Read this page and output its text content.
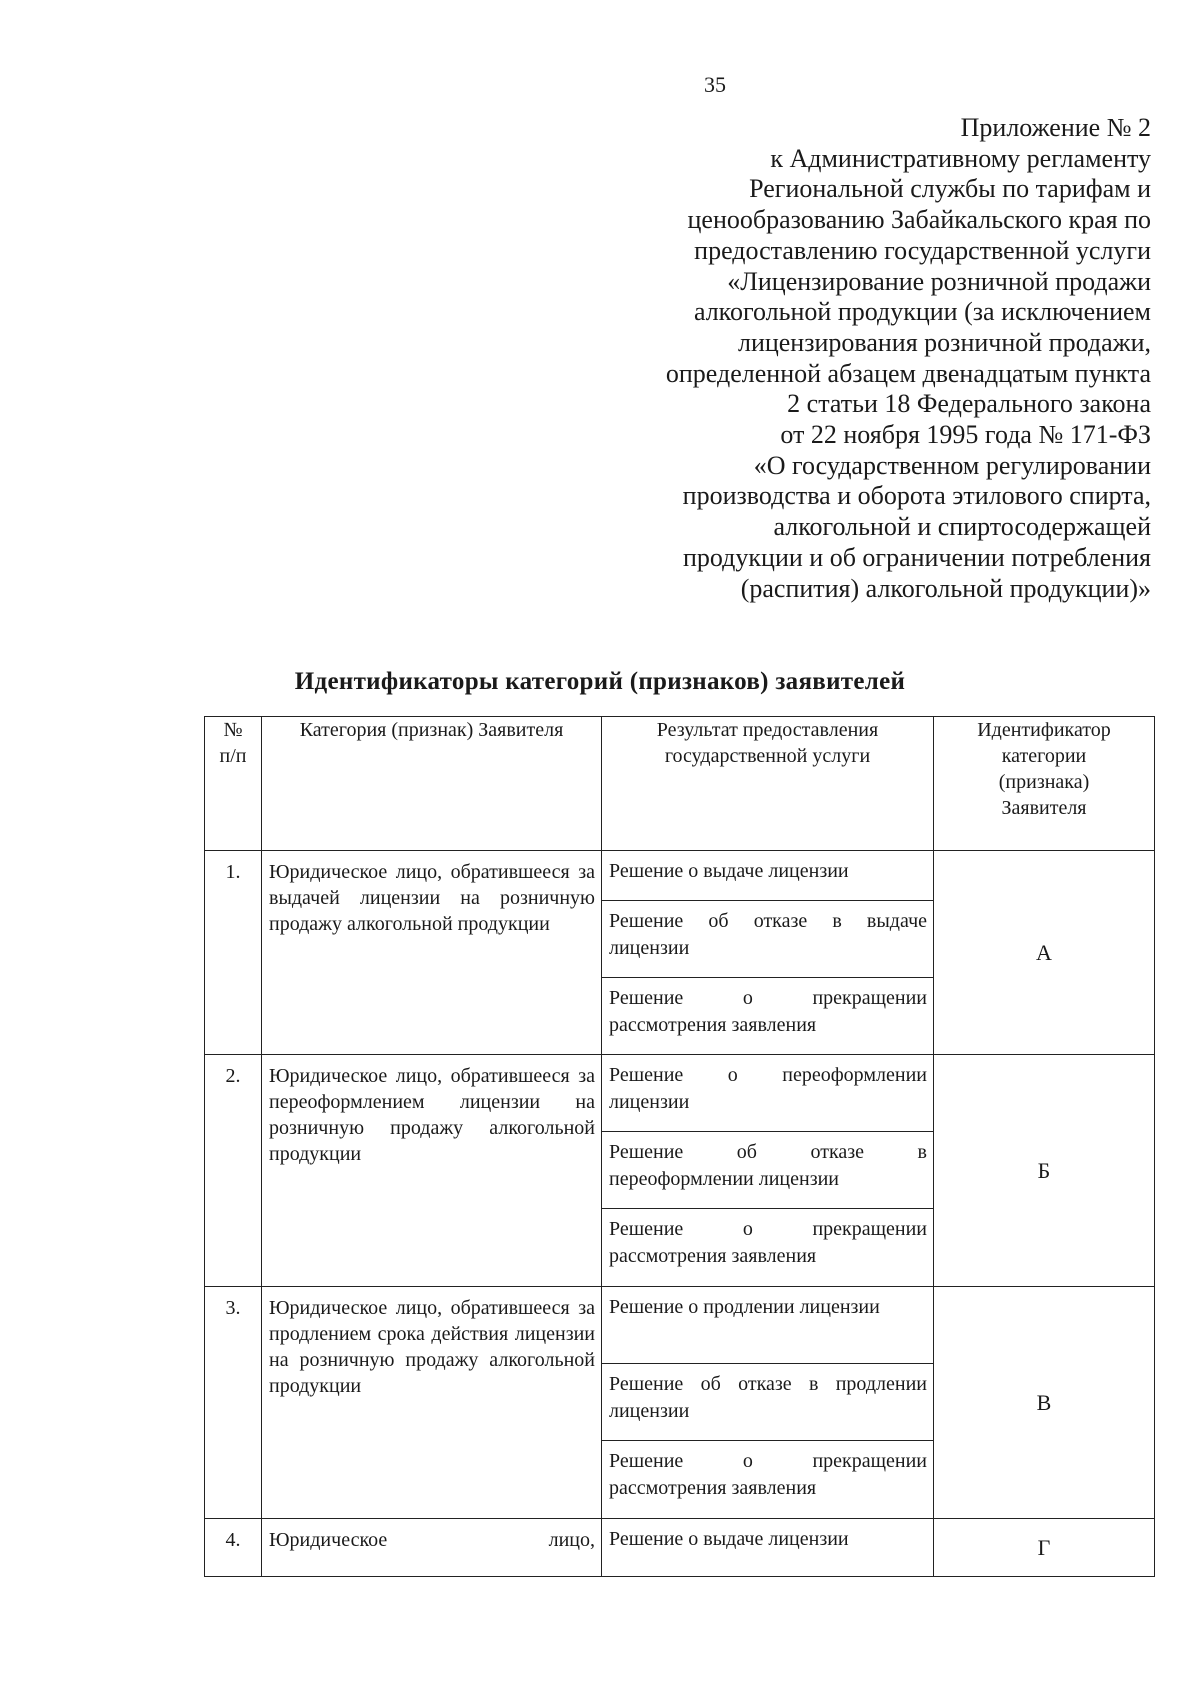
35
Приложение № 2
к Административному регламенту
Региональной службы по тарифам и
ценообразованию Забайкальского края по
предоставлению государственной услуги
«Лицензирование розничной продажи
алкогольной продукции (за исключением
лицензирования розничной продажи,
определенной абзацем двенадцатым пункта
2 статьи 18 Федерального закона
от 22 ноября 1995 года № 171-ФЗ
«О государственном регулировании
производства и оборота этилового спирта,
алкогольной и спиртосодержащей
продукции и об ограничении потребления
(распития) алкогольной продукции)»
Идентификаторы категорий (признаков) заявителей
№ п/п	Категория (признак) Заявителя	Результат предоставления государственной услуги	Идентификатор категории (признака) Заявителя
1.	Юридическое лицо, обратившееся за выдачей лицензии на розничную продажу алкогольной продукции	Решение о выдаче лицензии	А
		Решение об отказе в выдаче лицензии	
		Решение о прекращении рассмотрения заявления	
2.	Юридическое лицо, обратившееся за переоформлением лицензии на розничную продажу алкогольной продукции	Решение о переоформлении лицензии	Б
		Решение об отказе в переоформлении лицензии	
		Решение о прекращении рассмотрения заявления	
3.	Юридическое лицо, обратившееся за продлением срока действия лицензии на розничную продажу алкогольной продукции	Решение о продлении лицензии	В
		Решение об отказе в продлении лицензии	
		Решение о прекращении рассмотрения заявления	
4.	Юридическое лицо,	Решение о выдаче лицензии	Г
